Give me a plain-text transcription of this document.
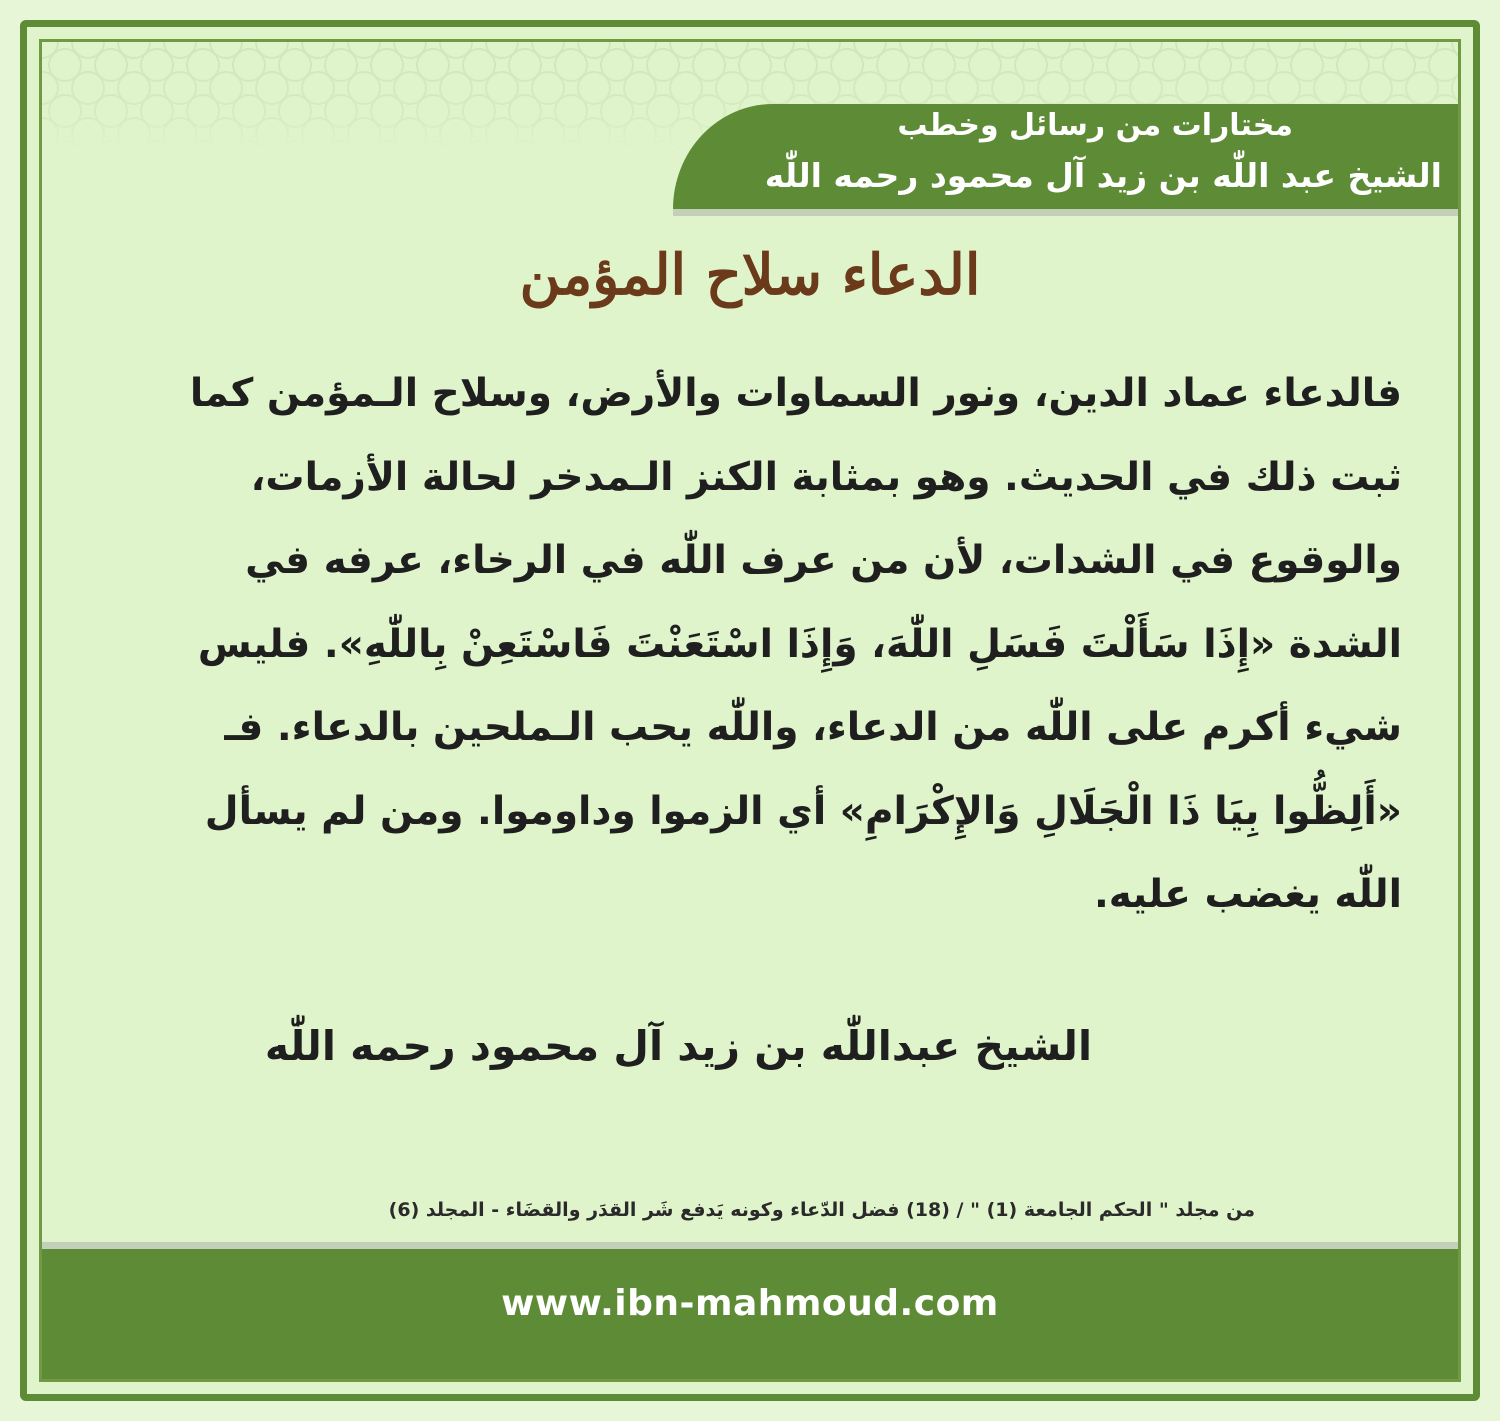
مختارات من رسائل وخطب
الشيخ عبد اللّٰه بن زيد آل محمود رحمه اللّٰه
الدعاء سلاح المؤمن

فالدعاء عماد الدين، ونور السماوات والأرض، وسلاح الـمؤمن كما ثبت ذلك في الحديث. وهو بمثابة الكنز الـمدخر لحالة الأزمات، والوقوع في الشدات، لأن من عرف اللّٰه في الرخاء، عرفه في الشدة «إِذَا سَأَلْتَ فَسَلِ اللّٰهَ، وَإِذَا اسْتَعَنْتَ فَاسْتَعِنْ بِاللّٰهِ». فليس شيء أكرم على اللّٰه من الدعاء، واللّٰه يحب الـملحين بالدعاء. فـ «أَلِظُّوا بِيَا ذَا الْجَلَالِ وَالإِكْرَامِ» أي الزموا وداوموا. ومن لم يسأل اللّٰه يغضب عليه.

الشيخ عبداللّٰه بن زيد آل محمود رحمه اللّٰه
من مجلد " الحكم الجامعة (1) " / (18) فضل الدّعاء وكونه يَدفع شَر القدَر والقضَاء - المجلد (6)
www.ibn-mahmoud.com
